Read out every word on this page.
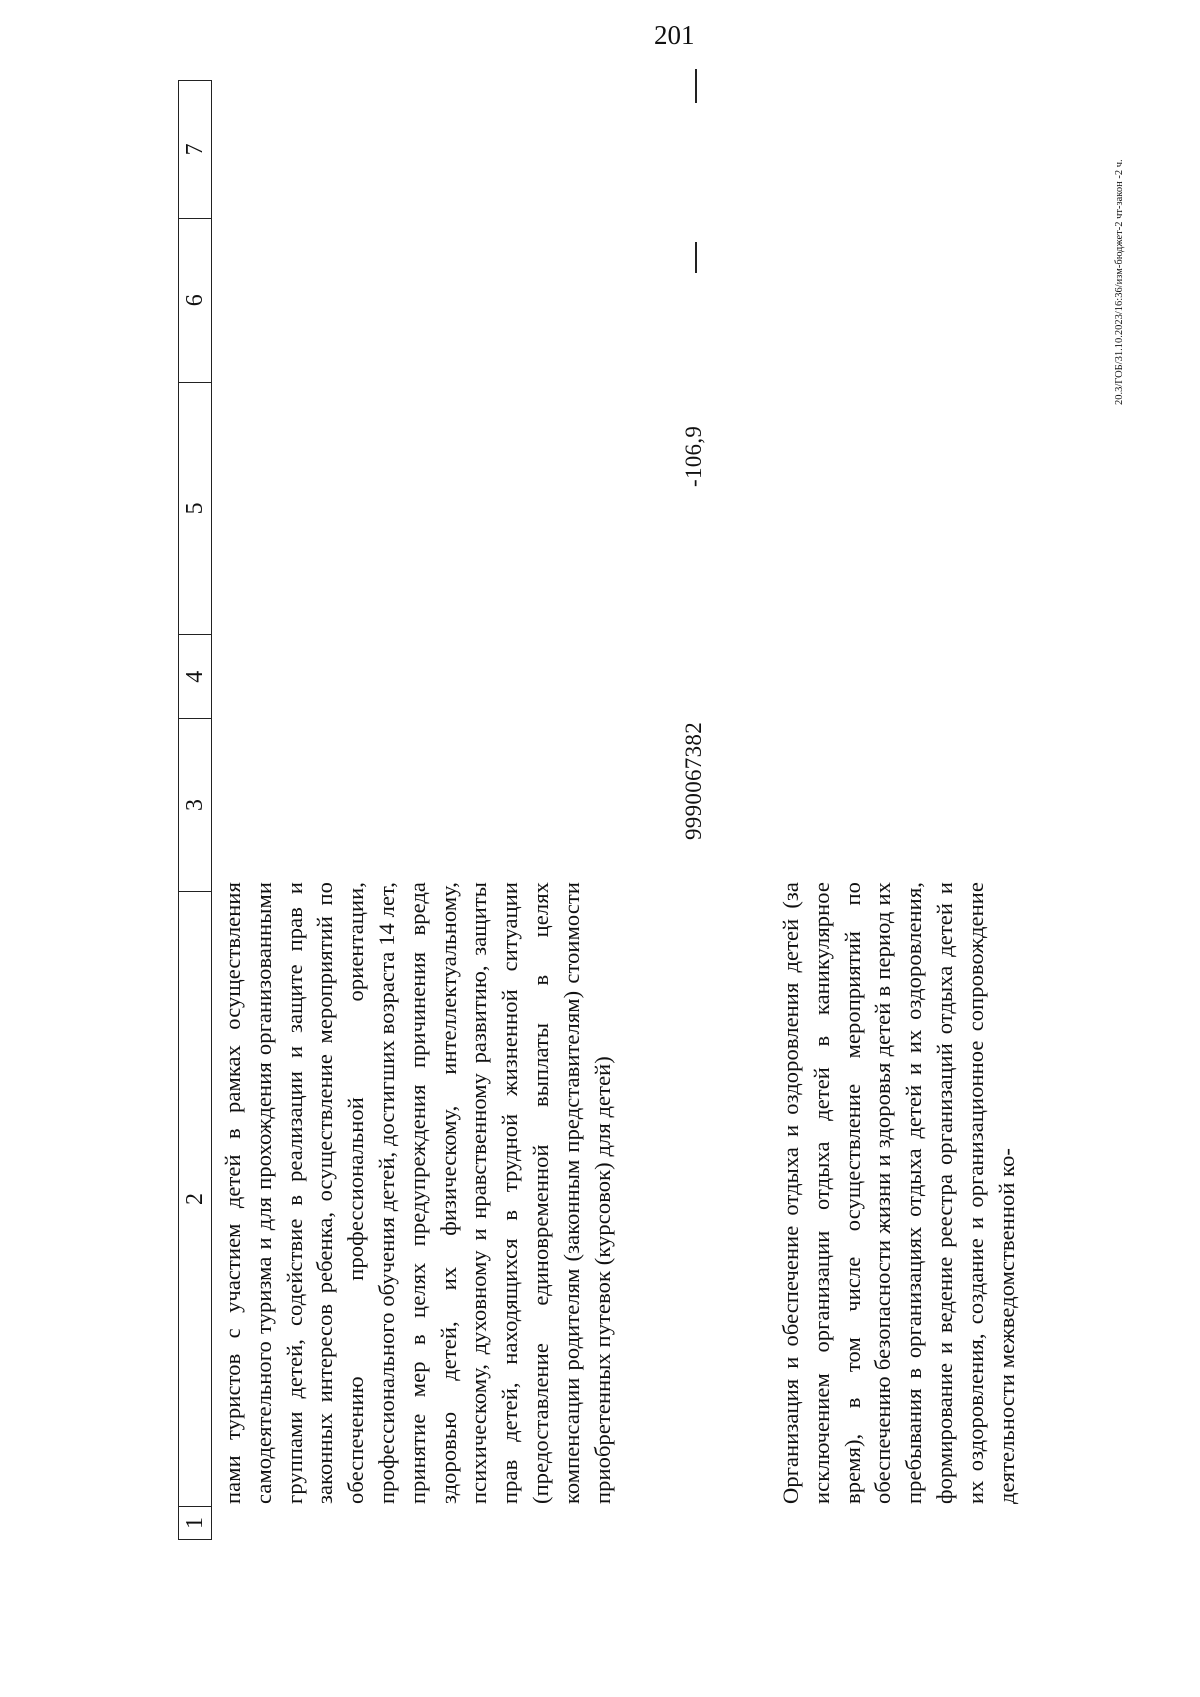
201
20.3/ГОБ/31.10.2023/16:36/изм-бюджет-2 чт-закон -2 ч.
1
2
3
4
5
6
7
пами туристов с участием детей в рамках осуществления самодеятельного туризма и для прохождения организованными группами детей, содействие в реализации и защите прав и законных интересов ребенка, осуществление мероприятий по обеспечению профессиональной ориентации, профессионального обучения детей, достигших возраста 14 лет, принятие мер в целях предупреждения причинения вреда здоровью детей, их физическому, интеллектуальному, психическому, духовному и нравственному развитию, защиты прав детей, находящихся в трудной жизненной ситуации (предоставление единовременной выплаты в целях компенсации родителям (законным представителям) стоимости приобретенных путевок (курсовок) для детей)
9990067382
-106,9
Организация и обеспечение отдыха и оздоровления детей (за исключением организации отдыха детей в каникулярное время), в том числе осуществление мероприятий по обеспечению безопасности жизни и здоровья детей в период их пребывания в организациях отдыха детей и их оздоровления, формирование и ведение реестра организаций отдыха детей и их оздоровления, создание и организационное сопровождение деятельности межведомственной ко-
